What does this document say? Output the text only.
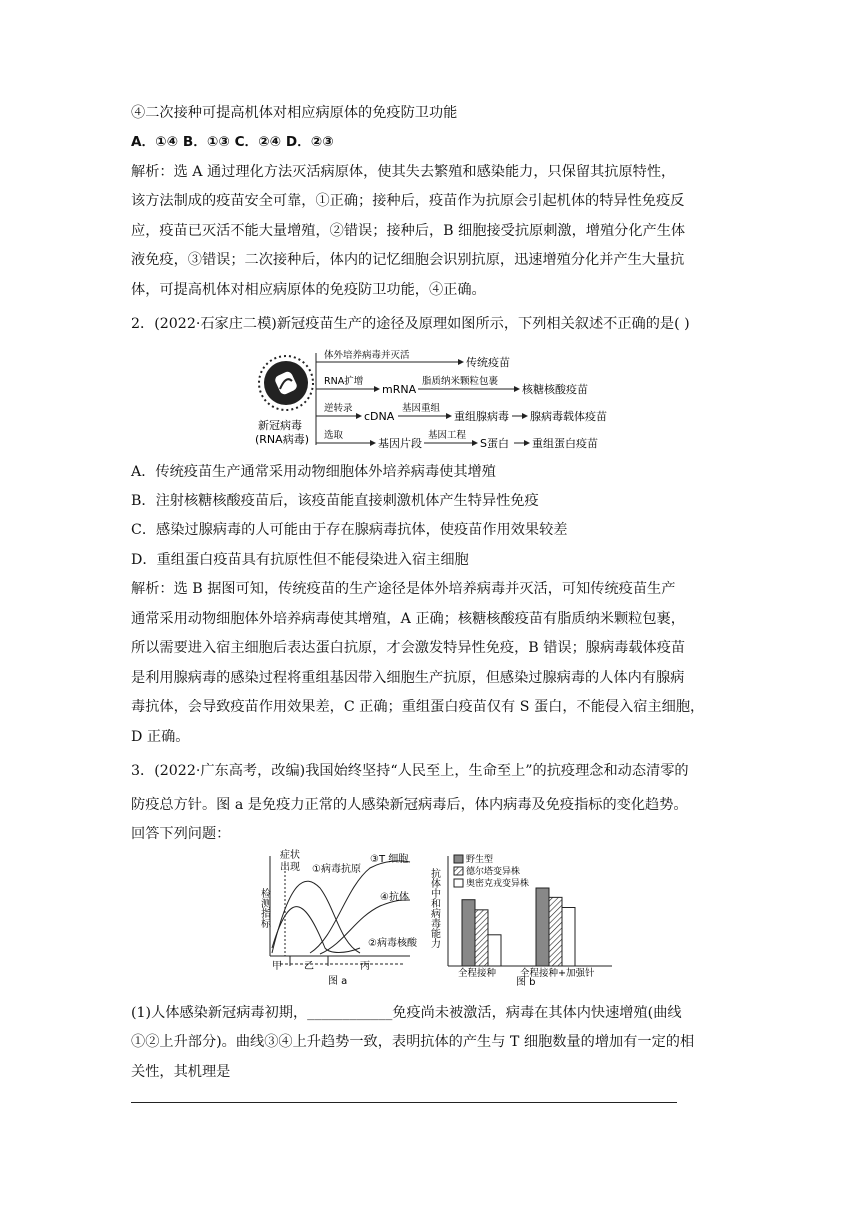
④二次接种可提高机体对相应病原体的免疫防卫功能
A．①④ B．①③ C．②④ D．②③
解析：选 A 通过理化方法灭活病原体，使其失去繁殖和感染能力，只保留其抗原特性，
该方法制成的疫苗安全可靠，①正确；接种后，疫苗作为抗原会引起机体的特异性免疫反
应，疫苗已灭活不能大量增殖，②错误；接种后，B 细胞接受抗原刺激，增殖分化产生体
液免疫，③错误；二次接种后，体内的记忆细胞会识别抗原，迅速增殖分化并产生大量抗
体，可提高机体对相应病原体的免疫防卫功能，④正确。
2．(2022·石家庄二模)新冠疫苗生产的途径及原理如图所示，下列相关叙述不正确的是( )
新冠病毒
(RNA病毒)
体外培养病毒并灭活
传统疫苗
RNA扩增
mRNA
脂质纳米颗粒包裹
核糖核酸疫苗
逆转录
cDNA
基因重组
重组腺病毒 腺病毒载体疫苗
选取
基因片段
基因工程
S蛋白 重组蛋白疫苗
A．传统疫苗生产通常采用动物细胞体外培养病毒使其增殖
B．注射核糖核酸疫苗后，该疫苗能直接刺激机体产生特异性免疫
C．感染过腺病毒的人可能由于存在腺病毒抗体，使疫苗作用效果较差
D．重组蛋白疫苗具有抗原性但不能侵染进入宿主细胞
解析：选 B 据图可知，传统疫苗的生产途径是体外培养病毒并灭活，可知传统疫苗生产
通常采用动物细胞体外培养病毒使其增殖，A 正确；核糖核酸疫苗有脂质纳米颗粒包裹，
所以需要进入宿主细胞后表达蛋白抗原，才会激发特异性免疫，B 错误；腺病毒载体疫苗
是利用腺病毒的感染过程将重组基因带入细胞生产抗原，但感染过腺病毒的人体内有腺病
毒抗体，会导致疫苗作用效果差，C 正确；重组蛋白疫苗仅有 S 蛋白，不能侵入宿主细胞，
D 正确。
3．(2022·广东高考，改编)我国始终坚持“人民至上，生命至上”的抗疫理念和动态清零的
防疫总方针。图 a 是免疫力正常的人感染新冠病毒后，体内病毒及免疫指标的变化趋势。
回答下列问题：
检测指标
症状
出现 ①病毒抗原
③T 细胞
④抗体
②病毒核酸
甲 乙	丙
图 a
抗体中和病毒能力
野生型
德尔塔变异株
奥密克戎变异株
全程接种	全程接种+加强针
图 b
(1)人体感染新冠病毒初期，____________免疫尚未被激活，病毒在其体内快速增殖(曲线
①②上升部分)。曲线③④上升趋势一致，表明抗体的产生与 T 细胞数量的增加有一定的相
关性，其机理是
